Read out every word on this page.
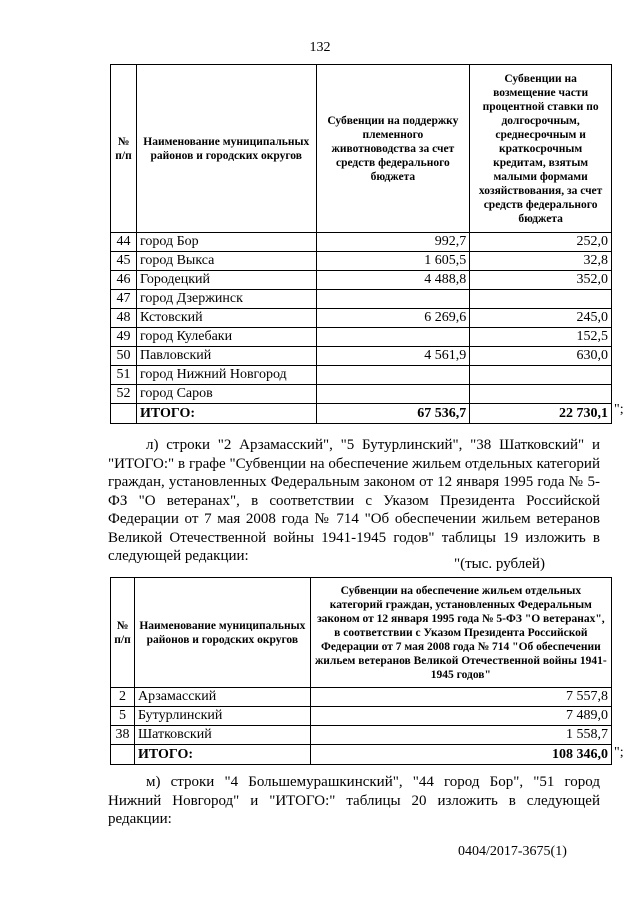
132
№ п/п	Наименование муниципальных районов и городских округов	Субвенции на поддержку племенного животноводства за счет средств федерального бюджета	Субвенции на возмещение части процентной ставки по долгосрочным, среднесрочным и краткосрочным кредитам, взятым малыми формами хозяйствования, за счет средств федерального бюджета
44	город Бор	992,7	252,0
45	город Выкса	1 605,5	32,8
46	Городецкий	4 488,8	352,0
47	город Дзержинск		
48	Кстовский	6 269,6	245,0
49	город Кулебаки		152,5
50	Павловский	4 561,9	630,0
51	город Нижний Новгород		
52	город Саров		
	ИТОГО:	67 536,7	22 730,1 ";
л) строки "2 Арзамасский", "5 Бутурлинский", "38 Шатковский" и "ИТОГО:" в графе "Субвенции на обеспечение жильем отдельных категорий граждан, установленных Федеральным законом от 12 января 1995 года № 5-ФЗ "О ветеранах", в соответствии с Указом Президента Российской Федерации от 7 мая 2008 года № 714 "Об обеспечении жильем ветеранов Великой Отечественной войны 1941-1945 годов" таблицы 19 изложить в следующей редакции:	"(тыс. рублей)
№ п/п	Наименование муниципальных районов и городских округов	Субвенции на обеспечение жильем отдельных категорий граждан, установленных Федеральным законом от 12 января 1995 года № 5-ФЗ "О ветеранах", в соответствии с Указом Президента Российской Федерации от 7 мая 2008 года № 714 "Об обеспечении жильем ветеранов Великой Отечественной войны 1941-1945 годов"
2	Арзамасский	7 557,8
5	Бутурлинский	7 489,0
38	Шатковский	1 558,7
	ИТОГО:	108 346,0 ";
м) строки "4 Большемурашкинский", "44 город Бор", "51 город Нижний Новгород" и "ИТОГО:" таблицы 20 изложить в следующей редакции:
0404/2017-3675(1)
